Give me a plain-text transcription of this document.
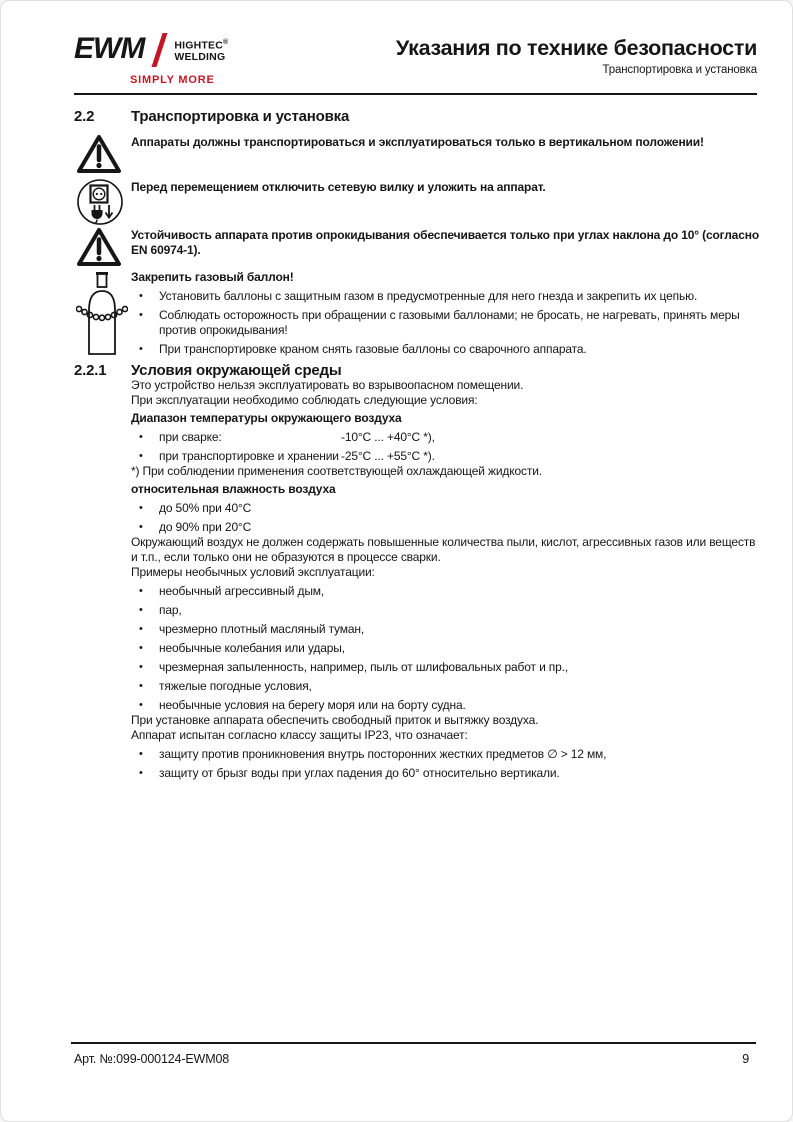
EWM	HIGHTEC®
WELDING
SIMPLY MORE
Указания по технике безопасности
Транспортировка и установка
2.2	Транспортировка и установка
Аппараты должны транспортироваться и эксплуатироваться только в вертикальном положении!
Перед перемещением отключить сетевую вилку и уложить на аппарат.
Устойчивость аппарата против опрокидывания обеспечивается только при углах наклона до 10° (согласно EN 60974-1).
Закрепить газовый баллон!
•	Установить баллоны с защитным газом в предусмотренные для него гнезда и закрепить их цепью.
•	Соблюдать осторожность при обращении с газовыми баллонами; не бросать, не нагревать, принять меры против опрокидывания!
•	При транспортировке краном снять газовые баллоны со сварочного аппарата.
2.2.1	Условия окружающей среды

Это устройство нельзя эксплуатировать во взрывоопасном помещении.

При эксплуатации необходимо соблюдать следующие условия:

Диапазон температуры окружающего воздуха

•	при сварке:	-10°C ... +40°C *),
•	при транспортировке и хранении -25°C ... +55°C *).

*) При соблюдении применения соответствующей охлаждающей жидкости.

относительная влажность воздуха

•	до 50% при 40°C
•	до 90% при 20°C

Окружающий воздух не должен содержать повышенные количества пыли, кислот, агрессивных газов или веществ и т.п., если только они не образуются в процессе сварки.

Примеры необычных условий эксплуатации:

•	необычный агрессивный дым,
•	пар,
•	чрезмерно плотный масляный туман,
•	необычные колебания или удары,
•	чрезмерная запыленность, например, пыль от шлифовальных работ и пр.,
•	тяжелые погодные условия,
•	необычные условия на берегу моря или на борту судна.

При установке аппарата обеспечить свободный приток и вытяжку воздуха.

Аппарат испытан согласно классу защиты IP23, что означает:

•	защиту против проникновения внутрь посторонних жестких предметов ∅ > 12 мм,
•	защиту от брызг воды при углах падения до 60° относительно вертикали.
Арт. №:099-000124-EWM08	9
